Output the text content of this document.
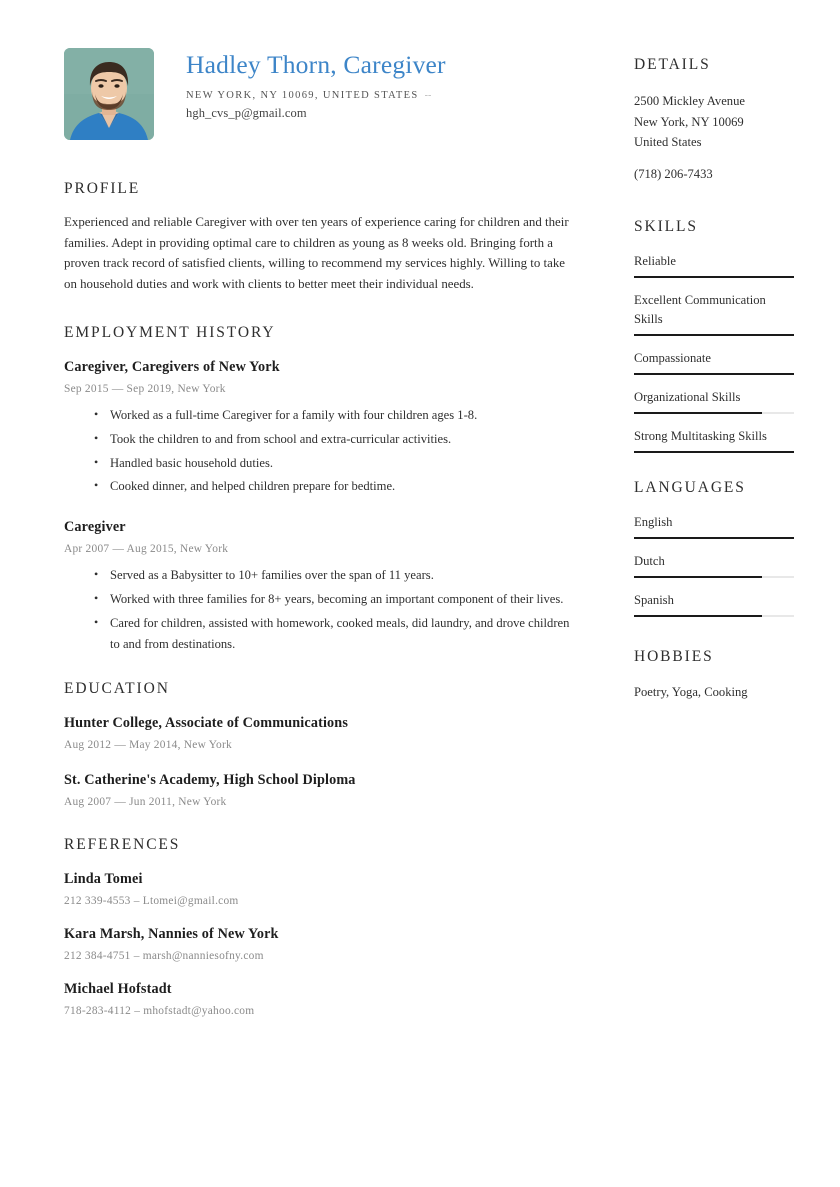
Hadley Thorn, Caregiver
NEW YORK, NY 10069, UNITED STATES --
hgh_cvs_p@gmail.com
PROFILE

Experienced and reliable Caregiver with over ten years of experience caring for children and their families. Adept in providing optimal care to children as young as 8 weeks old. Bringing forth a proven track record of satisfied clients, willing to recommend my services highly. Willing to take on household duties and work with clients to better meet their individual needs.

EMPLOYMENT HISTORY
Caregiver, Caregivers of New York
Sep 2015 — Sep 2019, New York
• Worked as a full-time Caregiver for a family with four children ages 1-8.
• Took the children to and from school and extra-curricular activities.
• Handled basic household duties.
• Cooked dinner, and helped children prepare for bedtime.
Caregiver
Apr 2007 — Aug 2015, New York
• Served as a Babysitter to 10+ families over the span of 11 years.
• Worked with three families for 8+ years, becoming an important component of their lives.
• Cared for children, assisted with homework, cooked meals, did laundry, and drove children to and from destinations.
EDUCATION
Hunter College, Associate of Communications
Aug 2012 — May 2014, New York
St. Catherine's Academy, High School Diploma
Aug 2007 — Jun 2011, New York
REFERENCES
Linda Tomei
212 339-4553 – Ltomei@gmail.com
Kara Marsh, Nannies of New York
212 384-4751 – marsh@nanniesofny.com
Michael Hofstadt
718-283-4112 – mhofstadt@yahoo.com
DETAILS
2500 Mickley Avenue
New York, NY 10069
United States
(718) 206-7433
SKILLS
Reliable
Excellent Communication Skills
Compassionate
Organizational Skills
Strong Multitasking Skills
LANGUAGES
English
Dutch
Spanish
HOBBIES
Poetry, Yoga, Cooking
